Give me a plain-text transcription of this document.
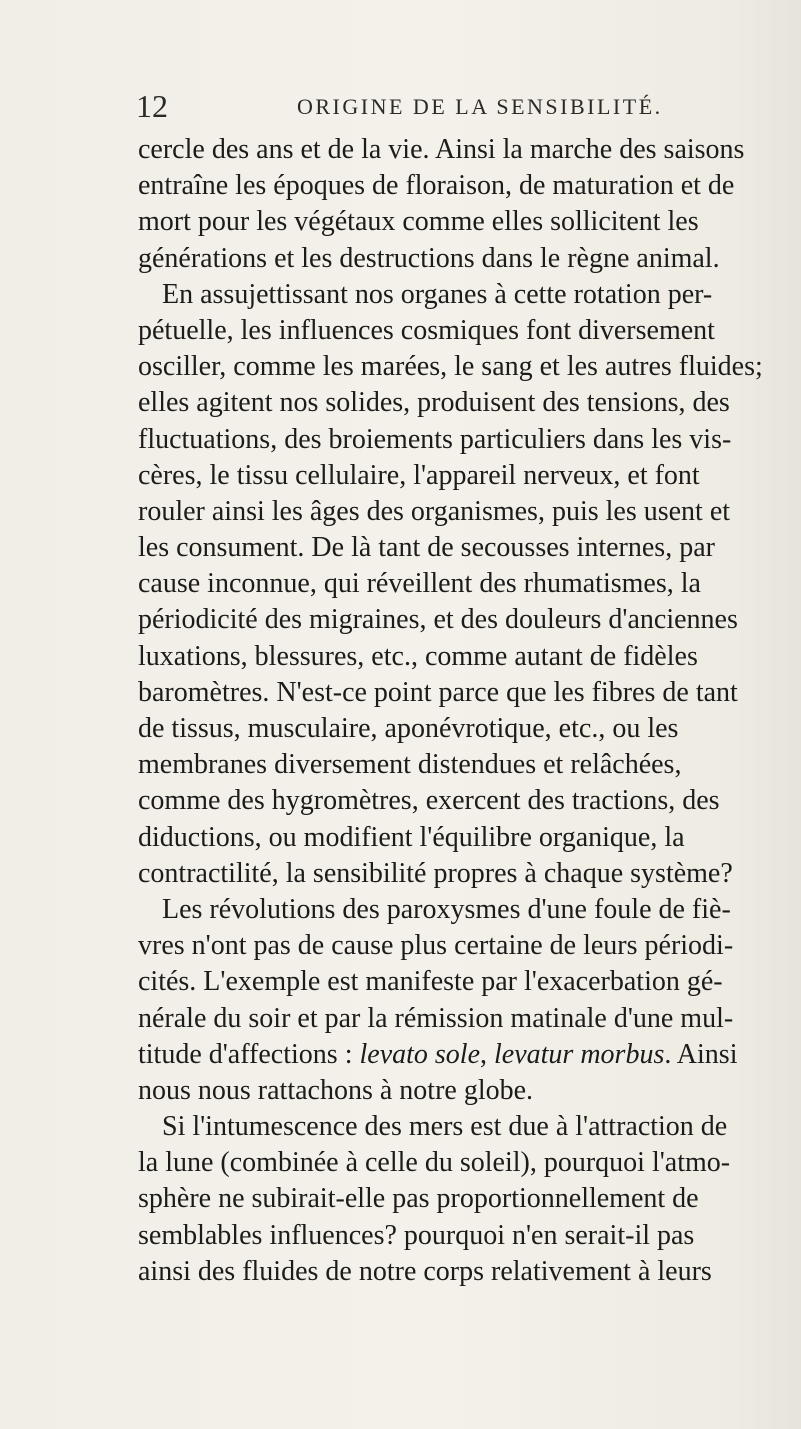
12	ORIGINE DE LA SENSIBILITÉ.
cercle des ans et de la vie. Ainsi la marche des saisons
entraîne les époques de floraison, de maturation et de
mort pour les végétaux comme elles sollicitent les
générations et les destructions dans le règne animal.
En assujettissant nos organes à cette rotation per-
pétuelle, les influences cosmiques font diversement
osciller, comme les marées, le sang et les autres fluides;
elles agitent nos solides, produisent des tensions, des
fluctuations, des broiements particuliers dans les vis-
cères, le tissu cellulaire, l'appareil nerveux, et font
rouler ainsi les âges des organismes, puis les usent et
les consument. De là tant de secousses internes, par
cause inconnue, qui réveillent des rhumatismes, la
périodicité des migraines, et des douleurs d'anciennes
luxations, blessures, etc., comme autant de fidèles
baromètres. N'est-ce point parce que les fibres de tant
de tissus, musculaire, aponévrotique, etc., ou les
membranes diversement distendues et relâchées,
comme des hygromètres, exercent des tractions, des
diductions, ou modifient l'équilibre organique, la
contractilité, la sensibilité propres à chaque système?
Les révolutions des paroxysmes d'une foule de fiè-
vres n'ont pas de cause plus certaine de leurs périodi-
cités. L'exemple est manifeste par l'exacerbation gé-
nérale du soir et par la rémission matinale d'une mul-
titude d'affections : levato sole, levatur morbus. Ainsi
nous nous rattachons à notre globe.
Si l'intumescence des mers est due à l'attraction de
la lune (combinée à celle du soleil), pourquoi l'atmo-
sphère ne subirait-elle pas proportionnellement de
semblables influences? pourquoi n'en serait-il pas
ainsi des fluides de notre corps relativement à leurs
